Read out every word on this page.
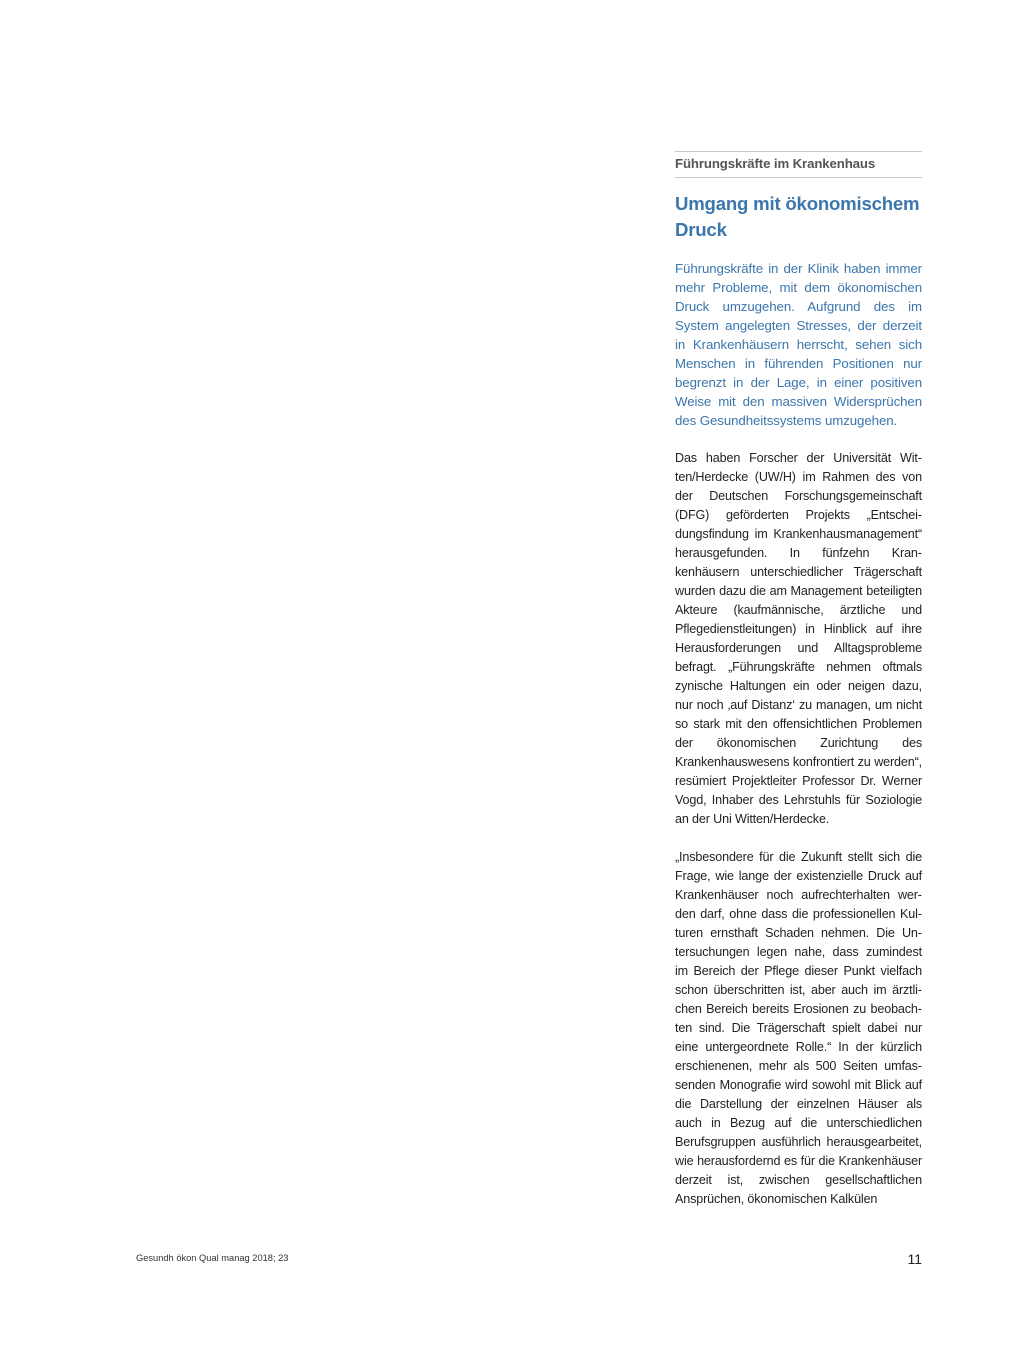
Führungskräfte im Krankenhaus
Umgang mit ökonomischem Druck

Führungskräfte in der Klinik haben immer mehr Probleme, mit dem ökonomischen Druck umzugehen. Aufgrund des im System angelegten Stresses, der derzeit in Krankenhäusern herrscht, sehen sich Menschen in führenden Positionen nur begrenzt in der Lage, in einer positiven Weise mit den massiven Widersprüchen des Gesundheitssystems umzugehen.

Das haben Forscher der Universität Witten/Herdecke (UW/H) im Rahmen des von der Deutschen Forschungsgemeinschaft (DFG) geförderten Projekts „Entscheidungsfindung im Krankenhausmanagement“ herausgefunden. In fünfzehn Krankenhäusern unterschiedlicher Trägerschaft wurden dazu die am Management beteiligten Akteure (kaufmännische, ärztliche und Pflegedienstleitungen) in Hinblick auf ihre Herausforderungen und Alltagsprobleme befragt. „Führungskräfte nehmen oftmals zynische Haltungen ein oder neigen dazu, nur noch ‚auf Distanz‘ zu managen, um nicht so stark mit den offensichtlichen Problemen der ökonomischen Zurichtung des Krankenhauswesens konfrontiert zu werden“, resümiert Projektleiter Professor Dr. Werner Vogd, Inhaber des Lehrstuhls für Soziologie an der Uni Witten/Herdecke.

„Insbesondere für die Zukunft stellt sich die Frage, wie lange der existenzielle Druck auf Krankenhäuser noch aufrechterhalten werden darf, ohne dass die professionellen Kulturen ernsthaft Schaden nehmen. Die Untersuchungen legen nahe, dass zumindest im Bereich der Pflege dieser Punkt vielfach schon überschritten ist, aber auch im ärztlichen Bereich bereits Erosionen zu beobachten sind. Die Trägerschaft spielt dabei nur eine untergeordnete Rolle.“ In der kürzlich erschienenen, mehr als 500 Seiten umfassenden Monografie wird sowohl mit Blick auf die Darstellung der einzelnen Häuser als auch in Bezug auf die unterschiedlichen Berufsgruppen ausführlich herausgearbeitet, wie herausfordernd es für die Krankenhäuser derzeit ist, zwischen gesellschaftlichen Ansprüchen, ökonomischen Kalkülen

Gesundh ökon Qual manag 2018; 23	11
